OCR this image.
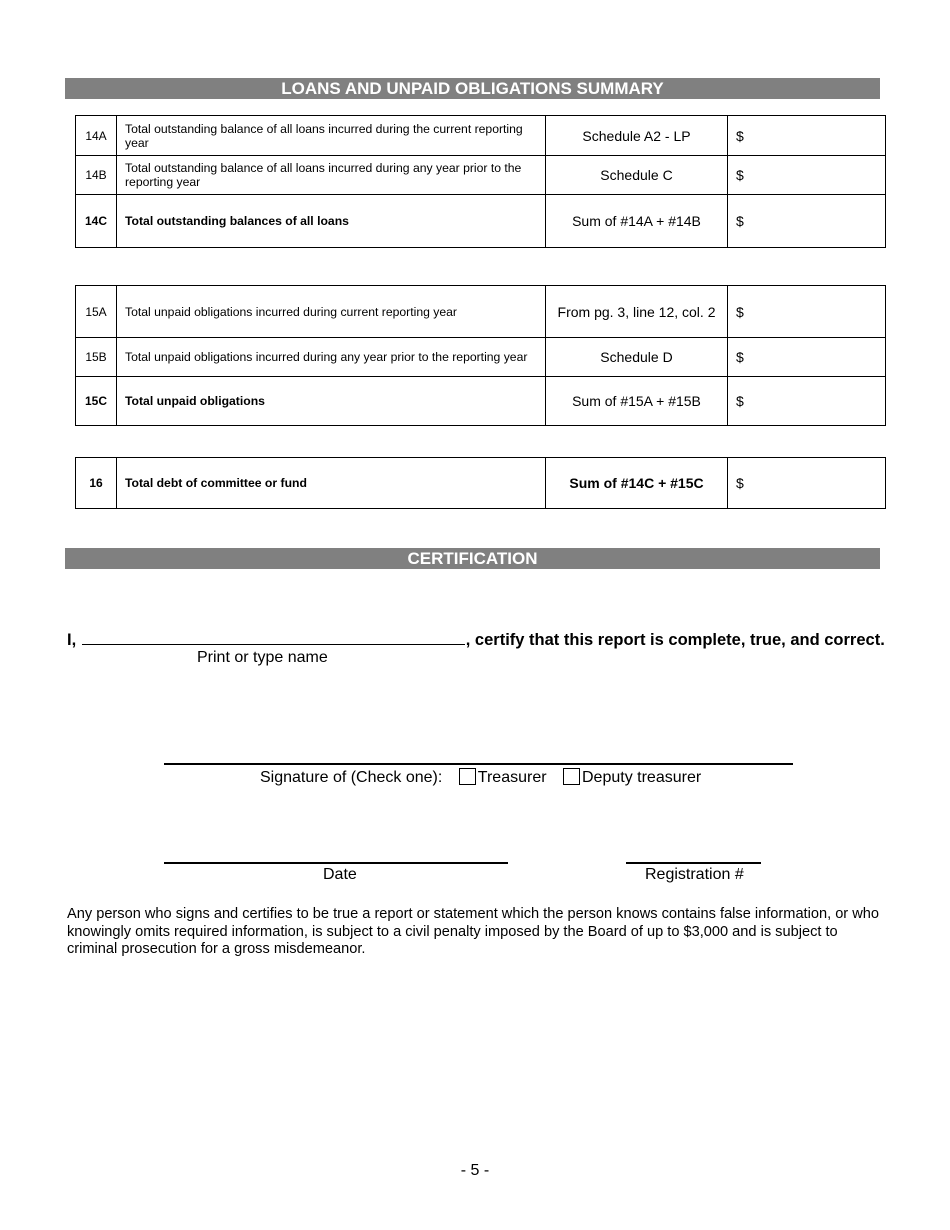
LOANS AND UNPAID OBLIGATIONS SUMMARY
14A	Total outstanding balance of all loans incurred during the current reporting year	Schedule A2 - LP	$
14B	Total outstanding balance of all loans incurred during any year prior to the reporting year	Schedule C	$
14C	Total outstanding balances of all loans	Sum of #14A + #14B	$
15A	Total unpaid obligations incurred during current reporting year	From pg. 3, line 12, col. 2	$
15B	Total unpaid obligations incurred during any year prior to the reporting year	Schedule D	$
15C	Total unpaid obligations	Sum of #15A + #15B	$
16	Total debt of committee or fund	Sum of #14C + #15C	$
CERTIFICATION
I,	, certify that this report is complete, true, and correct.
Print or type name
Signature of (Check one): Treasurer Deputy treasurer
Date	Registration #
Any person who signs and certifies to be true a report or statement which the person knows contains false information, or who knowingly omits required information, is subject to a civil penalty imposed by the Board of up to $3,000 and is subject to criminal prosecution for a gross misdemeanor.
- 5 -
